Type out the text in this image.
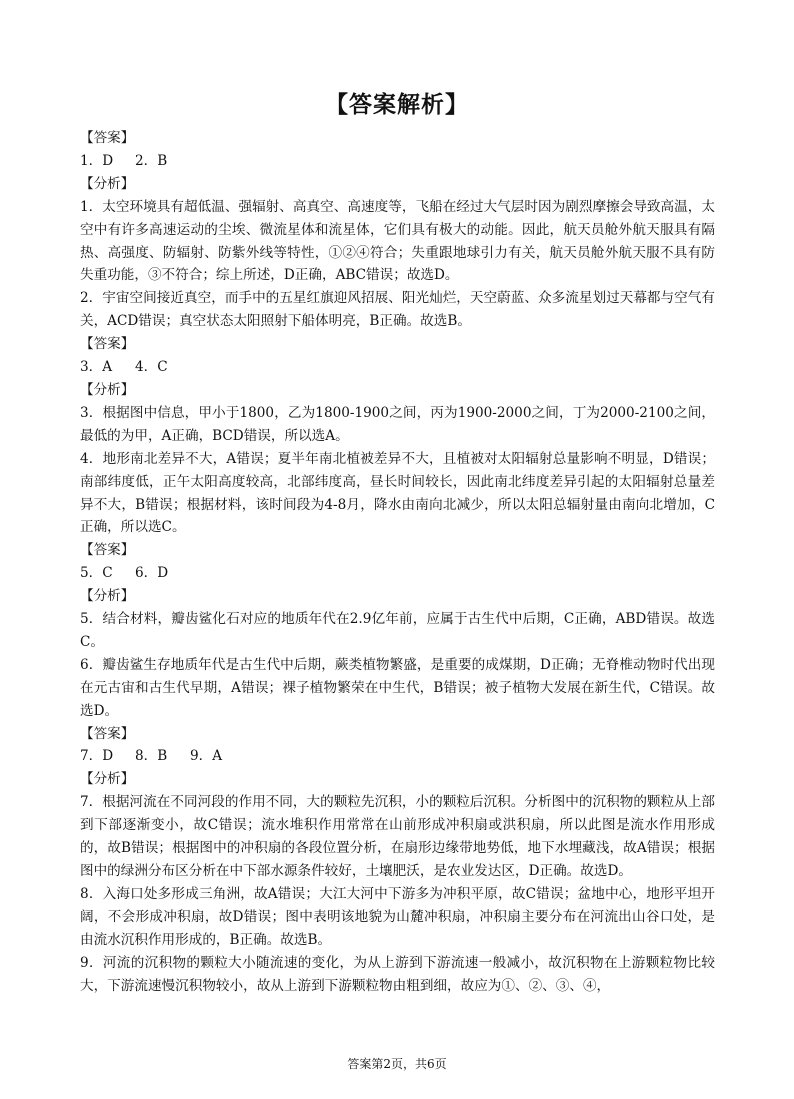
【答案解析】

【答案】

1．D 2．B

【分析】

1．太空环境具有超低温、强辐射、高真空、高速度等，飞船在经过大气层时因为剧烈摩擦会导致高温，太空中有许多高速运动的尘埃、微流星体和流星体，它们具有极大的动能。因此，航天员舱外航天服具有隔热、高强度、防辐射、防紫外线等特性，①②④符合；失重跟地球引力有关，航天员舱外航天服不具有防失重功能，③不符合；综上所述，D正确，ABC错误；故选D。

2．宇宙空间接近真空，而手中的五星红旗迎风招展、阳光灿烂，天空蔚蓝、众多流星划过天幕都与空气有关，ACD错误；真空状态太阳照射下船体明亮，B正确。故选B。

【答案】

3．A 4．C

【分析】

3．根据图中信息，甲小于1800，乙为1800-1900之间，丙为1900-2000之间，丁为2000-2100之间，最低的为甲，A正确，BCD错误，所以选A。

4．地形南北差异不大，A错误；夏半年南北植被差异不大，且植被对太阳辐射总量影响不明显，D错误；南部纬度低，正午太阳高度较高，北部纬度高，昼长时间较长，因此南北纬度差异引起的太阳辐射总量差异不大，B错误；根据材料，该时间段为4-8月，降水由南向北减少，所以太阳总辐射量由南向北增加，C正确，所以选C。

【答案】

5．C 6．D

【分析】

5．结合材料，瓣齿鲨化石对应的地质年代在2.9亿年前，应属于古生代中后期，C正确，ABD错误。故选C。

6．瓣齿鲨生存地质年代是古生代中后期，蕨类植物繁盛，是重要的成煤期，D正确；无脊椎动物时代出现在元古宙和古生代早期，A错误；裸子植物繁荣在中生代，B错误；被子植物大发展在新生代，C错误。故选D。

【答案】

7．D 8．B 9．A

【分析】

7．根据河流在不同河段的作用不同，大的颗粒先沉积，小的颗粒后沉积。分析图中的沉积物的颗粒从上部到下部逐渐变小，故C错误；流水堆积作用常常在山前形成冲积扇或洪积扇，所以此图是流水作用形成的，故B错误；根据图中的冲积扇的各段位置分析，在扇形边缘带地势低，地下水埋藏浅，故A错误；根据图中的绿洲分布区分析在中下部水源条件较好，土壤肥沃，是农业发达区，D正确。故选D。

8．入海口处多形成三角洲，故A错误；大江大河中下游多为冲积平原，故C错误；盆地中心，地形平坦开阔，不会形成冲积扇，故D错误；图中表明该地貌为山麓冲积扇，冲积扇主要分布在河流出山谷口处，是由流水沉积作用形成的，B正确。故选B。

9．河流的沉积物的颗粒大小随流速的变化，为从上游到下游流速一般减小，故沉积物在上游颗粒物比较大，下游流速慢沉积物较小，故从上游到下游颗粒物由粗到细，故应为①、②、③、④，

答案第2页，共6页
